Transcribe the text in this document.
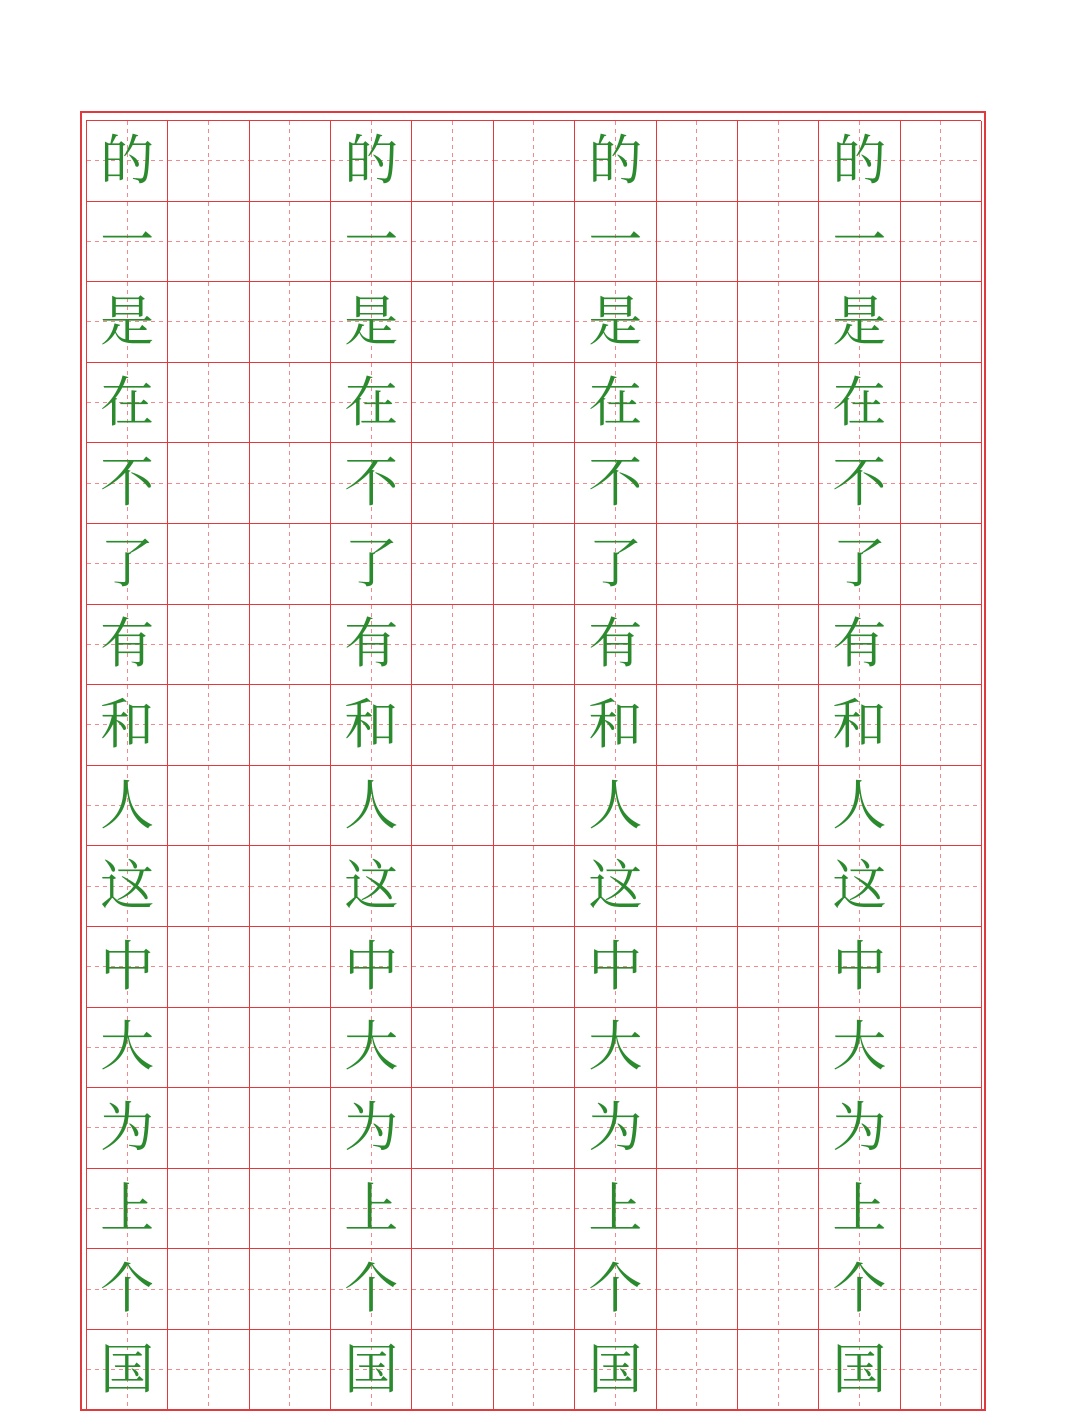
的	的	的	的
一	一	一	一
是	是	是	是
在	在	在	在
不	不	不	不
了	了	了	了
有	有	有	有
和	和	和	和
人	人	人	人
这	这	这	这
中	中	中	中
大	大	大	大
为	为	为	为
上	上	上	上
个	个	个	个
国	国	国	国
